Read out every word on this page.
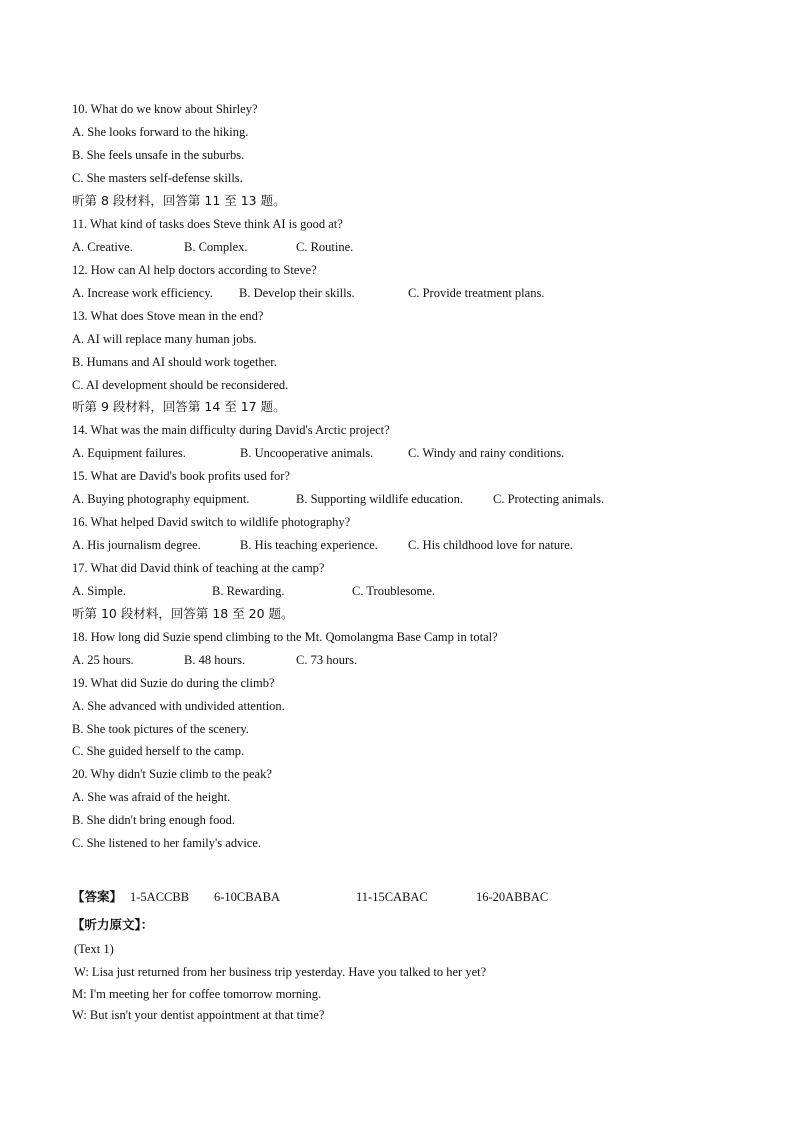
10. What do we know about Shirley?
A. She looks forward to the hiking.
B. She feels unsafe in the suburbs.
C. She masters self-defense skills.
听第 8 段材料，回答第 11 至 13 题。
11. What kind of tasks does Steve think AI is good at?
A. Creative.	B. Complex.	C. Routine.
12. How can Al help doctors according to Steve?
A. Increase work efficiency. B. Develop their skills.	C. Provide treatment plans.
13. What does Stove mean in the end?
A. AI will replace many human jobs.
B. Humans and AI should work together.
C. AI development should be reconsidered.
听第 9 段材料，回答第 14 至 17 题。
14. What was the main difficulty during David's Arctic project?
A. Equipment failures.	B. Uncooperative animals.	C. Windy and rainy conditions.
15. What are David's book profits used for?
A. Buying photography equipment.	B. Supporting wildlife education. C. Protecting animals.
16. What helped David switch to wildlife photography?
A. His journalism degree.	B. His teaching experience. C. His childhood love for nature.
17. What did David think of teaching at the camp?
A. Simple.	B. Rewarding.	C. Troublesome.
听第 10 段材料，回答第 18 至 20 题。
18. How long did Suzie spend climbing to the Mt. Qomolangma Base Camp in total?
A. 25 hours.	B. 48 hours.	C. 73 hours.
19. What did Suzie do during the climb?
A. She advanced with undivided attention.
B. She took pictures of the scenery.
C. She guided herself to the camp.
20. Why didn't Suzie climb to the peak?
A. She was afraid of the height.
B. She didn't bring enough food.
C. She listened to her family's advice.
【答案】 1-5ACCBB 6-10CBABA	11-15CABAC	16-20ABBAC
【听力原文】：
(Text 1)
W: Lisa just returned from her business trip yesterday. Have you talked to her yet?
M: I'm meeting her for coffee tomorrow morning.
W: But isn't your dentist appointment at that time?
